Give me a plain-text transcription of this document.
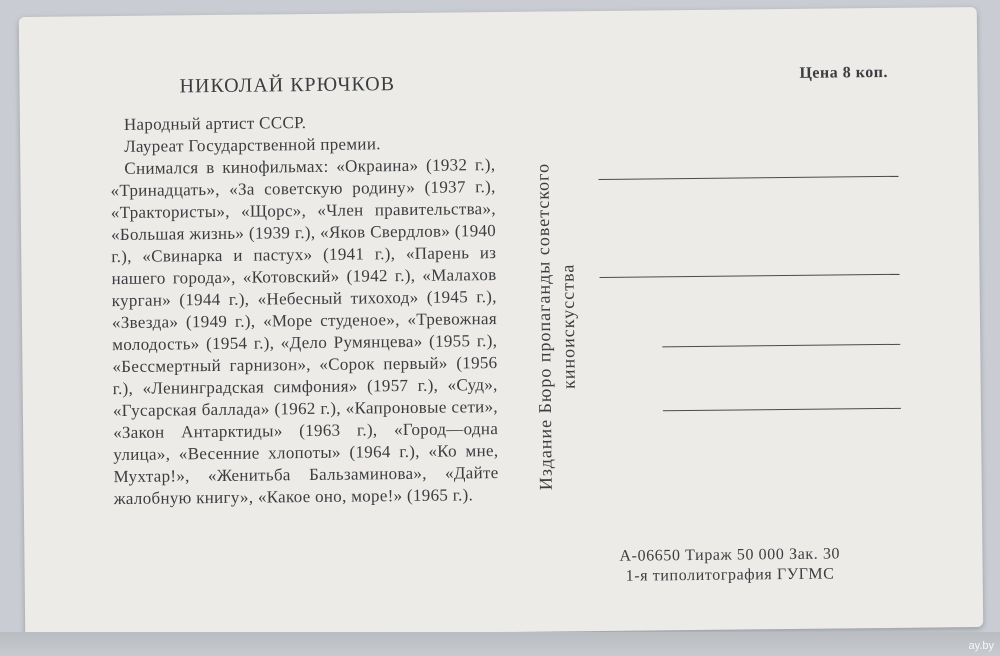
НИКОЛАЙ КРЮЧКОВ
Цена 8 коп.
Народный артист СССР.
Лауреат Государственной премии.
Снимался в кинофильмах: «Окраина» (1932 г.), «Тринадцать», «За советскую родину» (1937 г.), «Трактористы», «Щорс», «Член правительства», «Большая жизнь» (1939 г.), «Яков Свердлов» (1940 г.), «Свинарка и пастух» (1941 г.), «Парень из нашего города», «Котовский» (1942 г.), «Малахов курган» (1944 г.), «Небесный тихоход» (1945 г.), «Звезда» (1949 г.), «Море студеное», «Тревожная молодость» (1954 г.), «Дело Румянцева» (1955 г.), «Бессмертный гарнизон», «Сорок первый» (1956 г.), «Ленинградская симфония» (1957 г.), «Суд», «Гусарская баллада» (1962 г.), «Капроновые сети», «Закон Антарктиды» (1963 г.), «Город—одна улица», «Весенние хлопоты» (1964 г.), «Ко мне, Мухтар!», «Женитьба Бальзаминова», «Дайте жалобную книгу», «Какое оно, море!» (1965 г.).
Издание Бюро пропаганды советского киноискусства
А-06650 Тираж 50 000 Зак. 30
1-я типолитография ГУГМС
ay.by
